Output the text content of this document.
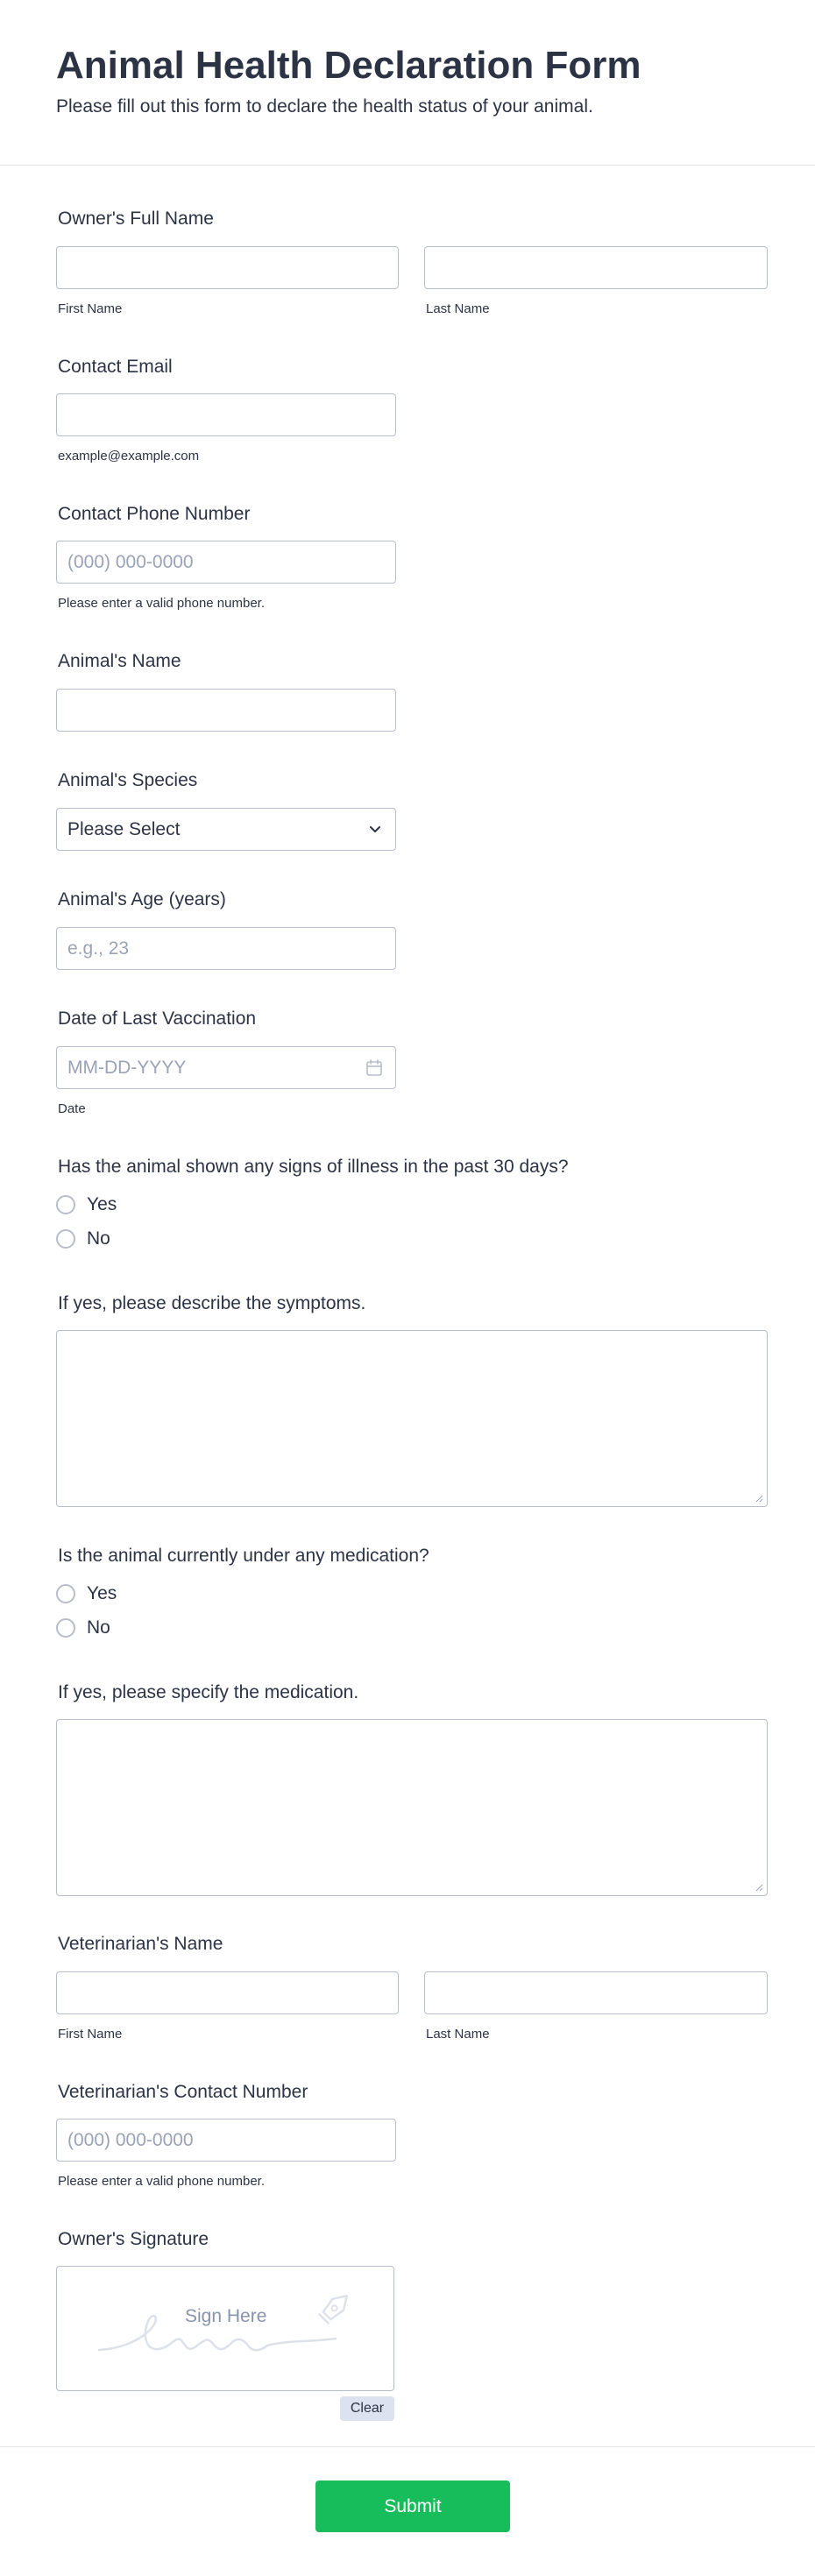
Animal Health Declaration Form
Please fill out this form to declare the health status of your animal.
Owner's Full Name
First Name	Last Name
Contact Email
example@example.com
Contact Phone Number
(000) 000-0000
Please enter a valid phone number.
Animal's Name
Animal's Species
Please Select
Animal's Age (years)
e.g., 23
Date of Last Vaccination
MM-DD-YYYY
Date
Has the animal shown any signs of illness in the past 30 days?
Yes
No
If yes, please describe the symptoms.
Is the animal currently under any medication?
Yes
No
If yes, please specify the medication.
Veterinarian's Name
First Name	Last Name
Veterinarian's Contact Number
(000) 000-0000
Please enter a valid phone number.
Owner's Signature
Sign Here
Clear
Submit
